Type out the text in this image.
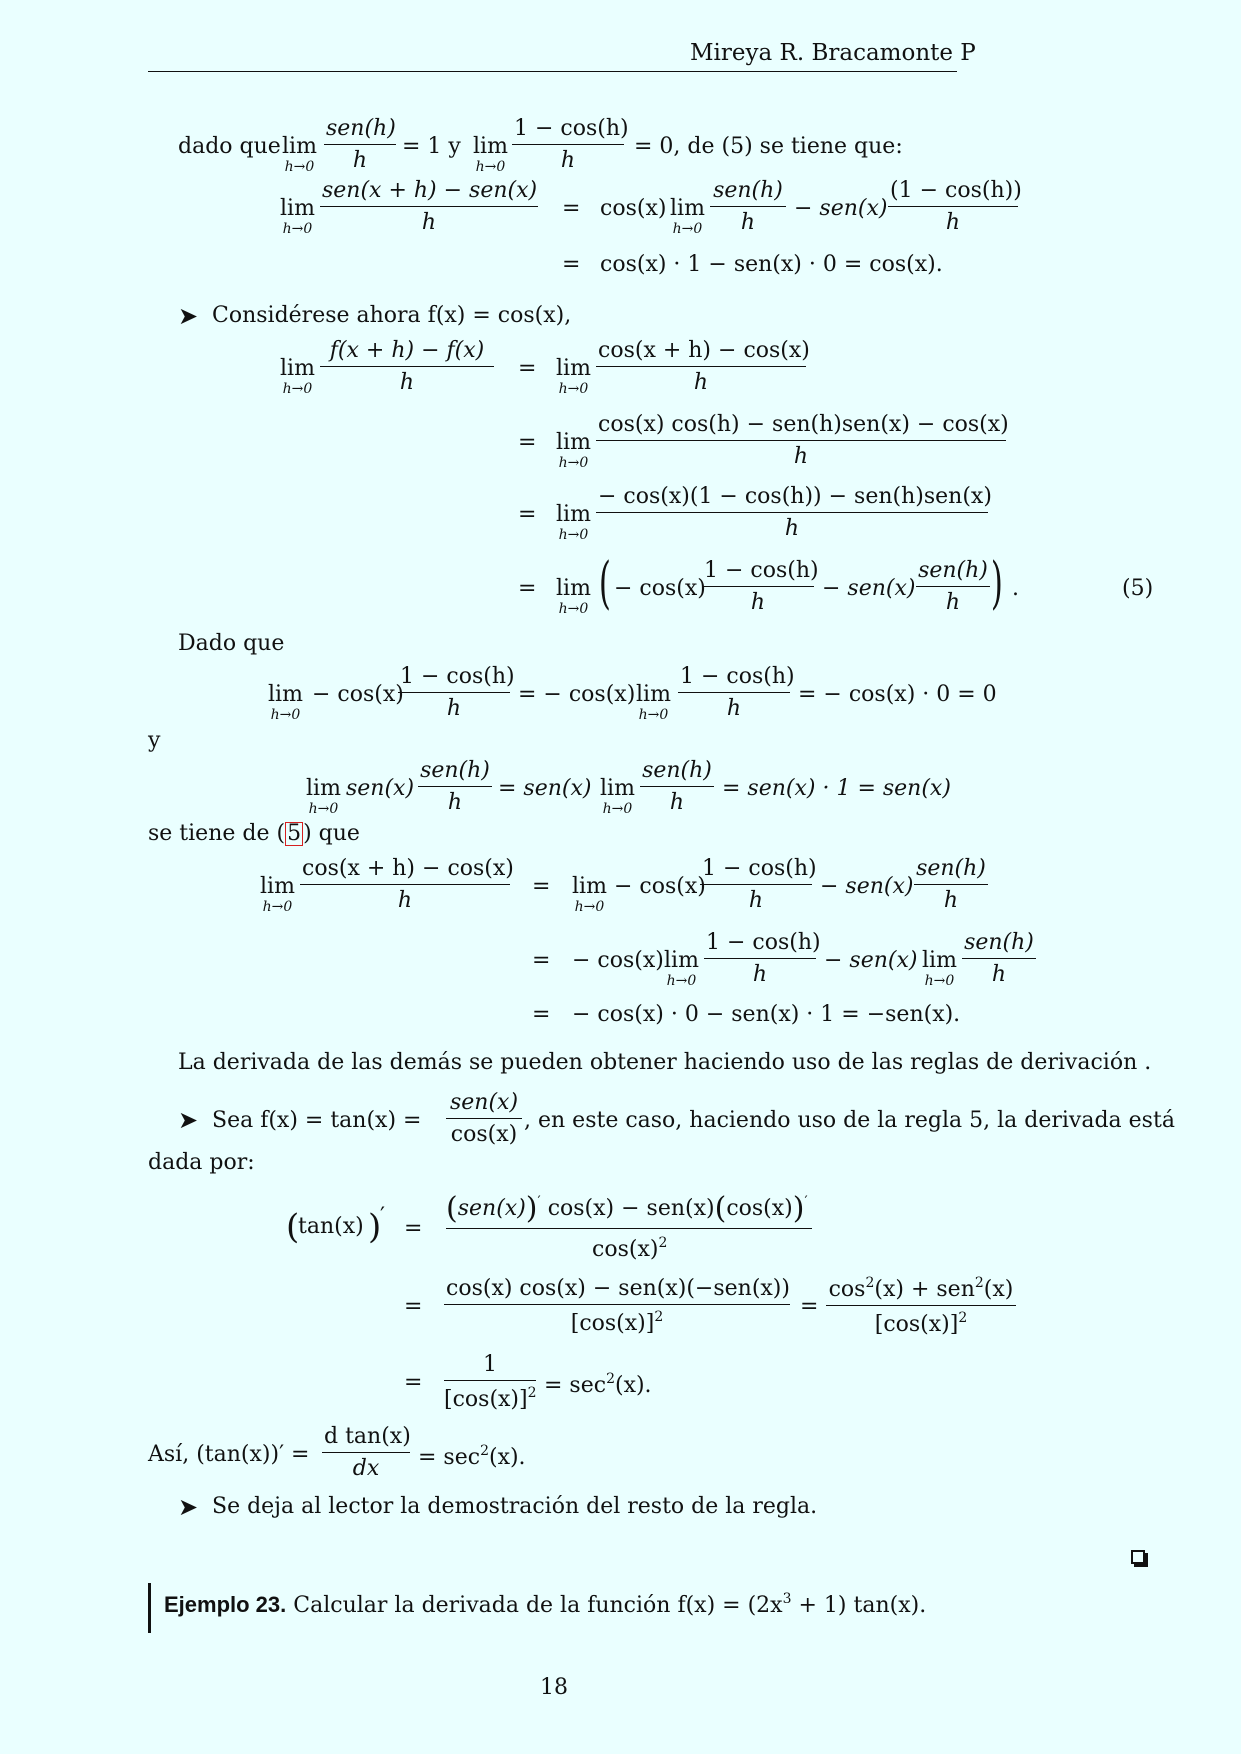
Mireya R. Bracamonte P
dado que lim
h→0
sen(h)
h
= 1 y lim
h→0
1 − cos(h)
h
= 0, de (5) se tiene que:
lim
h→0
sen(x + h) − sen(x)
h
= cos(x) lim
h→0
sen(h)
h
− sen(x)
(1 − cos(h))
h
= cos(x) · 1 − sen(x) · 0 = cos(x).
➤ Considérese ahora f(x) = cos(x),
lim
h→0
f(x + h) − f(x)
h
= lim
h→0
cos(x + h) − cos(x)
h
= lim
h→0
cos(x) cos(h) − sen(h)sen(x) − cos(x)
h
= lim
h→0
− cos(x)(1 − cos(h)) − sen(h)sen(x)
h
= lim
h→0 ( − cos(x)
1 − cos(h)
h
− sen(x)
sen(h)
h ) .	(5)
Dado que
lim
h→0
− cos(x)
1 − cos(h)
h
= − cos(x) lim
h→0
1 − cos(h)
h
= − cos(x) · 0 = 0
y
lim
h→0
sen(x)
sen(h)
h
= sen(x) lim
h→0
sen(h)
h
= sen(x) · 1 = sen(x)
se tiene de (5) que
lim
h→0
cos(x + h) − cos(x)
h
= lim
h→0
− cos(x)
1 − cos(h)
h
− sen(x)
sen(h)
h
= − cos(x) lim
h→0
1 − cos(h)
h
− sen(x) lim
h→0
sen(h)
h
= − cos(x) · 0 − sen(x) · 1 = −sen(x).
La derivada de las demás se pueden obtener haciendo uso de las reglas de derivación .
➤ Sea f(x) = tan(x) =
sen(x)
cos(x)
, en este caso, haciendo uso de la regla 5, la derivada está
dada por:
(
tan(x) )
′ =
(sen(x))′ cos(x) − sen(x)(cos(x))′
$\cos(x)^2$
=
cos(x) cos(x) − sen(x)(−sen(x))
$[\cos(x)]^2$	=
$\cos^2(x) + sen^2(x)$
$[\cos(x)]^2$
=
1
$[\cos(x)]^2 = \sec^2(x)$.
Así, (tan(x))′ =
d tan(x)
dx	= $\sec^2(x)$.
➤ Se deja al lector la demostración del resto de la regla.
Ejemplo 23. Calcular la derivada de la función $f(x) = (2x^3 + 1)$ tan(x).
18
